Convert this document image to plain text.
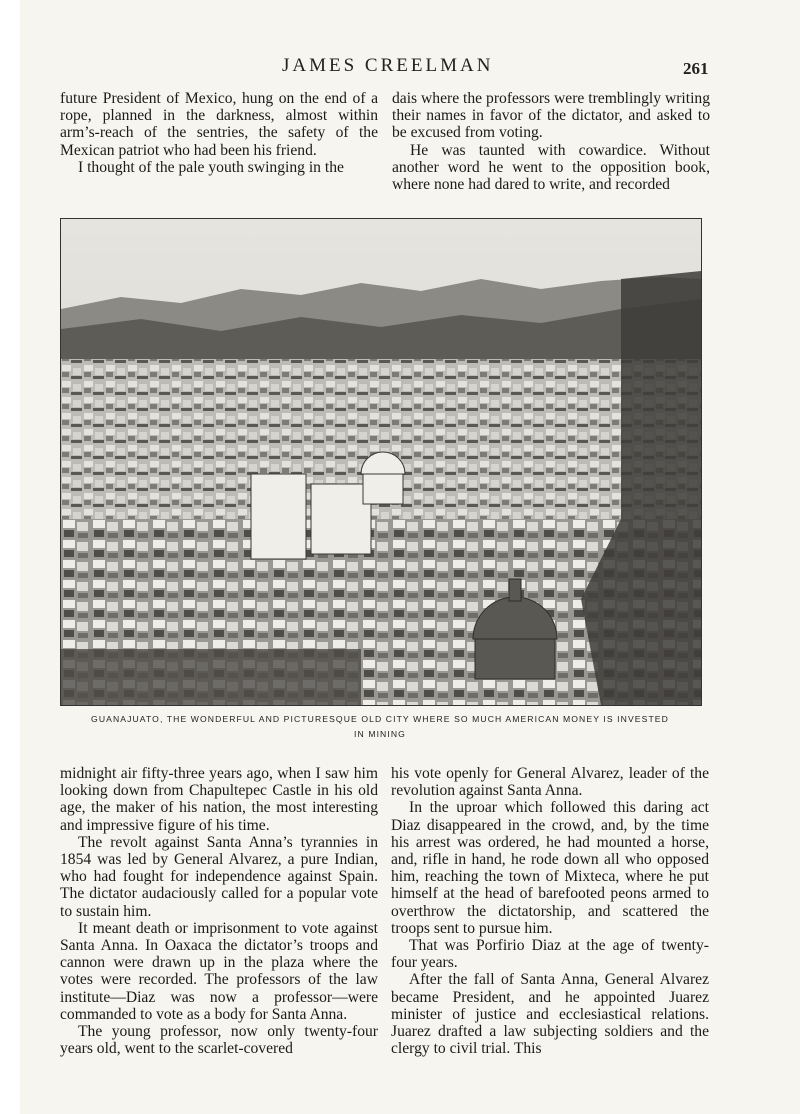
JAMES CREELMAN	261

future President of Mexico, hung on the end of a rope, planned in the darkness, almost within arm’s-reach of the sentries, the safety of the Mexican patriot who had been his friend.

I thought of the pale youth swinging in the

dais where the professors were tremblingly writing their names in favor of the dictator, and asked to be excused from voting.

He was taunted with cowardice. Without another word he went to the opposition book, where none had dared to write, and recorded

GUANAJUATO, THE WONDERFUL AND PICTURESQUE OLD CITY WHERE SO MUCH AMERICAN MONEY IS INVESTED
IN MINING

midnight air fifty-three years ago, when I saw him looking down from Chapultepec Castle in his old age, the maker of his nation, the most interesting and impressive figure of his time.

The revolt against Santa Anna’s tyrannies in 1854 was led by General Alvarez, a pure Indian, who had fought for independence against Spain. The dictator audaciously called for a popular vote to sustain him.

It meant death or imprisonment to vote against Santa Anna. In Oaxaca the dictator’s troops and cannon were drawn up in the plaza where the votes were recorded. The professors of the law institute—Diaz was now a professor—were commanded to vote as a body for Santa Anna.

The young professor, now only twenty-four years old, went to the scarlet-covered

his vote openly for General Alvarez, leader of the revolution against Santa Anna.

In the uproar which followed this daring act Diaz disappeared in the crowd, and, by the time his arrest was ordered, he had mounted a horse, and, rifle in hand, he rode down all who opposed him, reaching the town of Mixteca, where he put himself at the head of barefooted peons armed to overthrow the dictatorship, and scattered the troops sent to pursue him.

That was Porfirio Diaz at the age of twenty-four years.

After the fall of Santa Anna, General Alvarez became President, and he appointed Juarez minister of justice and ecclesiastical relations. Juarez drafted a law subjecting soldiers and the clergy to civil trial. This
